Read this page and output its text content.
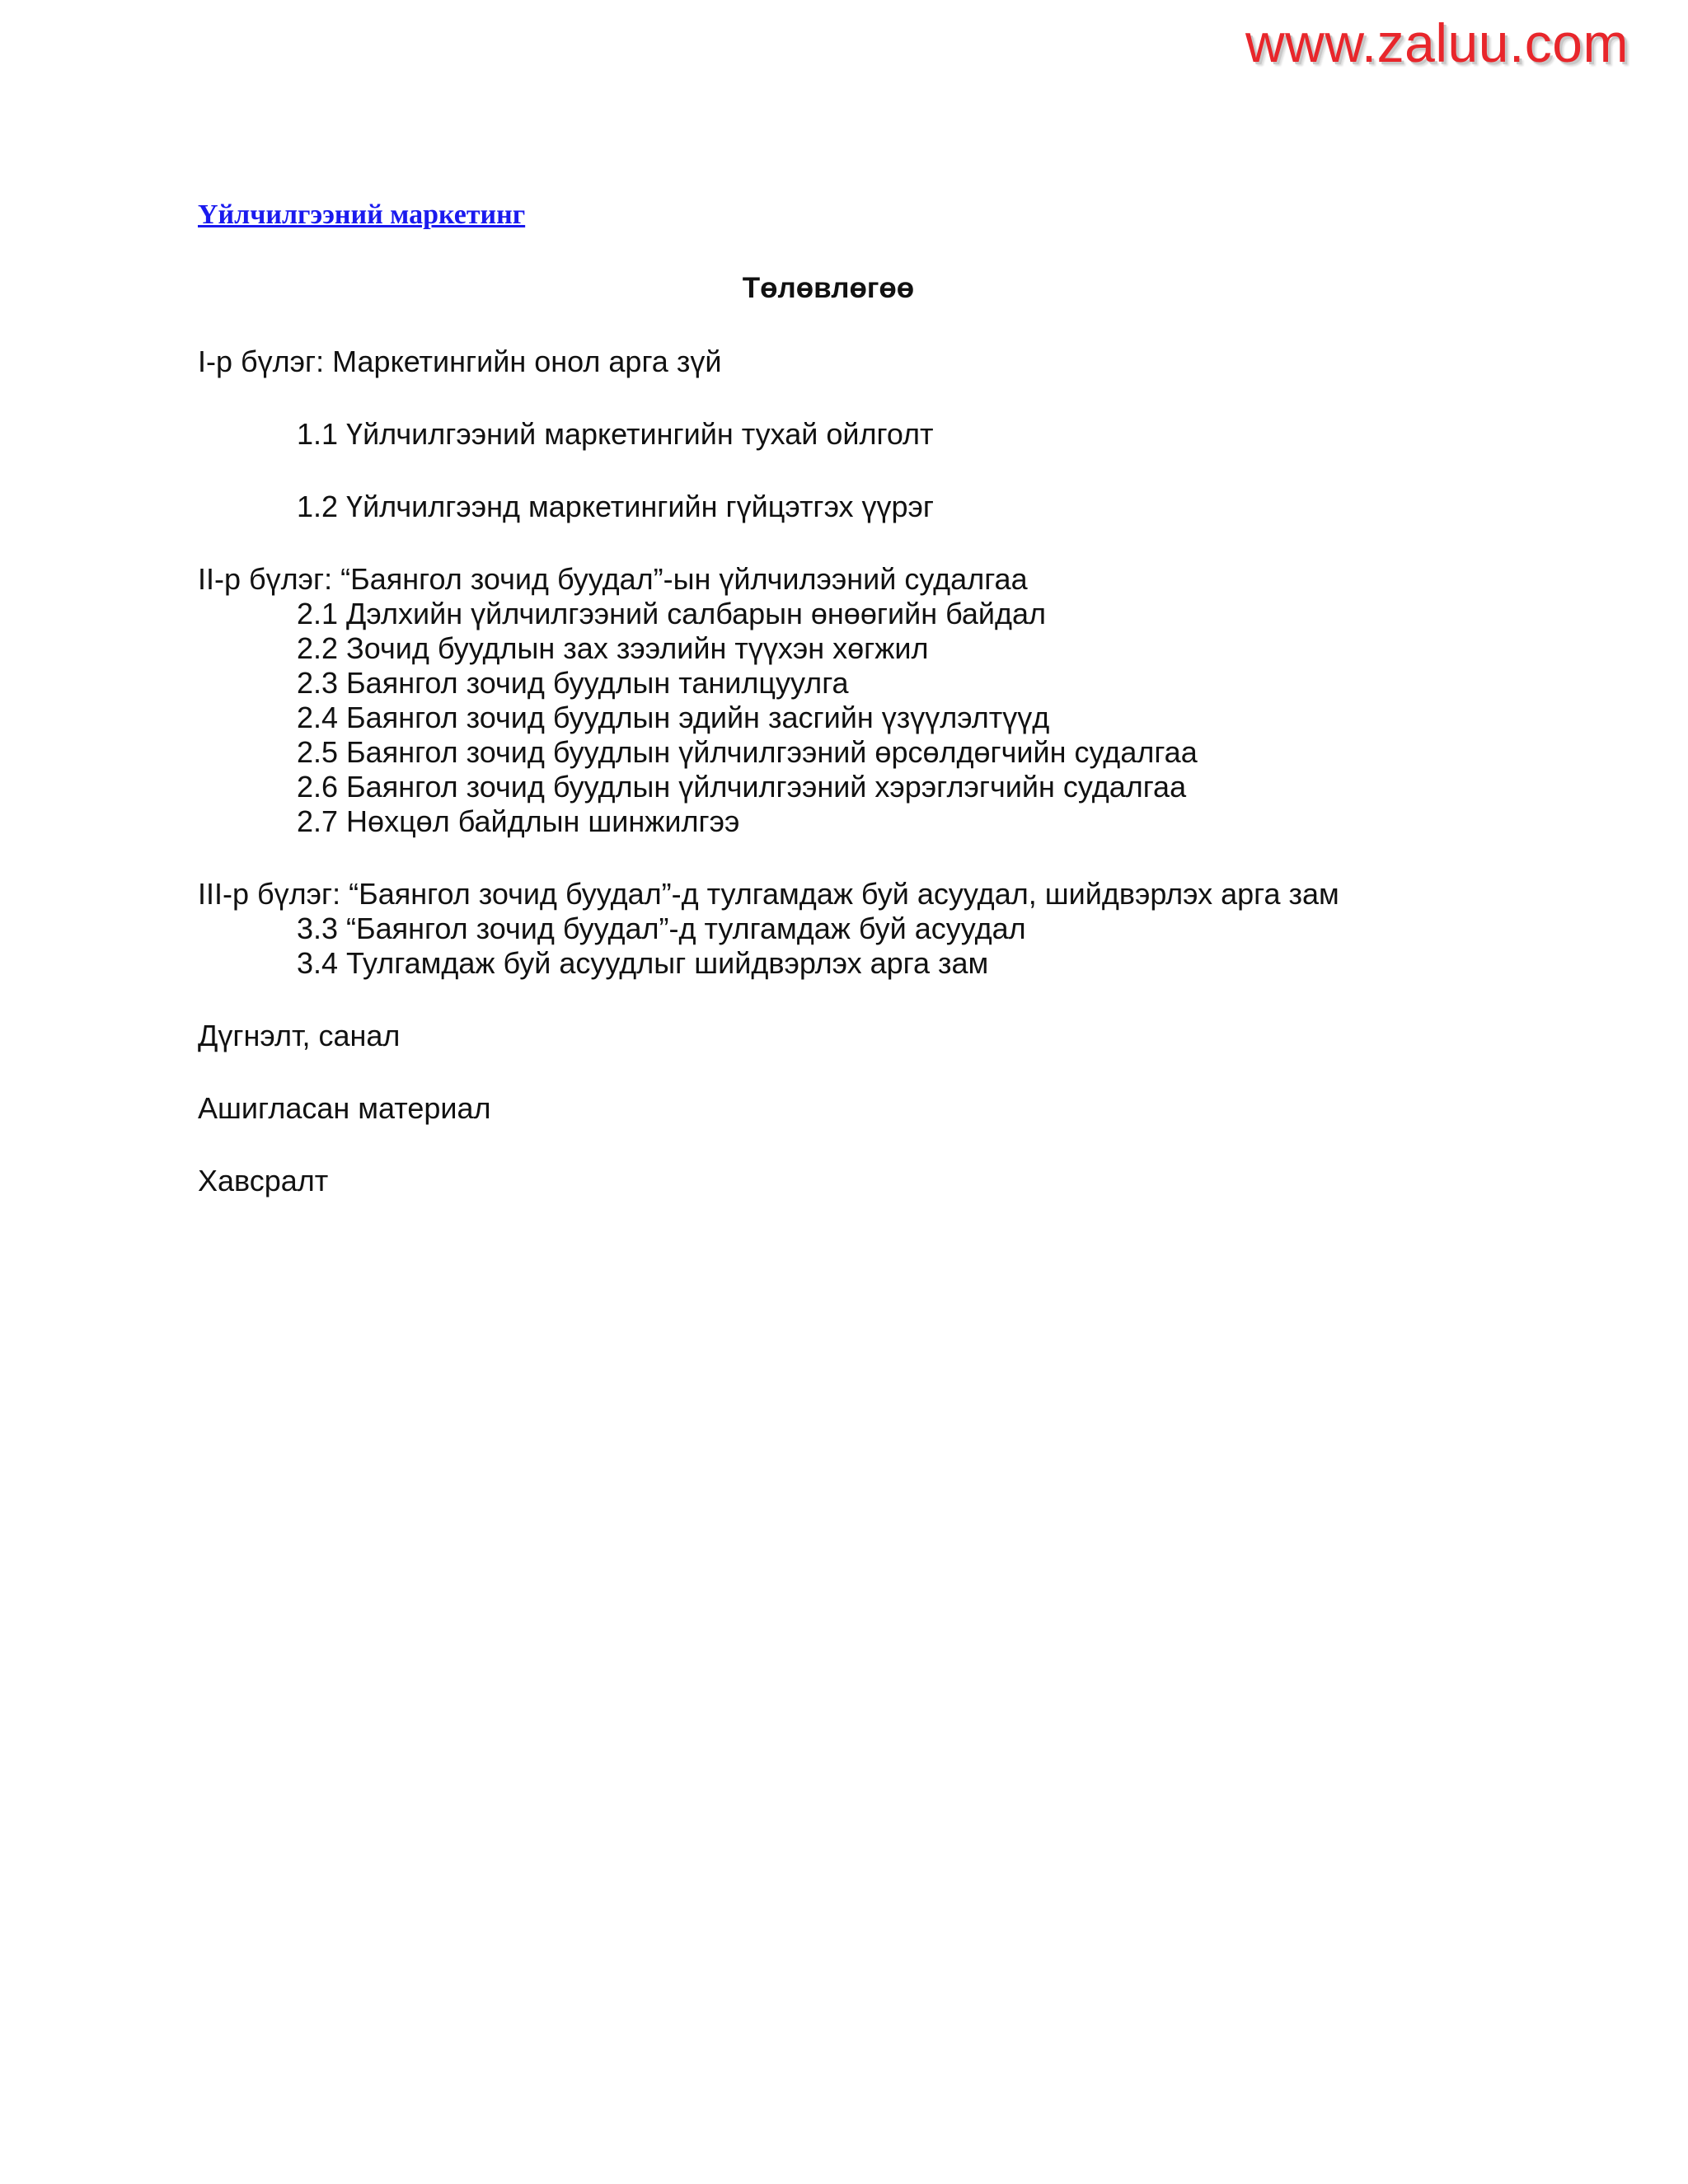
www.zaluu.com
Үйлчилгээний маркетинг
Төлөвлөгөө
I-р бүлэг: Маркетингийн онол арга зүй
1.1 Үйлчилгээний маркетингийн тухай ойлголт
1.2 Үйлчилгээнд маркетингийн гүйцэтгэх үүрэг
II-р бүлэг: “Баянгол зочид буудал”-ын үйлчилээний судалгаа
2.1 Дэлхийн үйлчилгээний салбарын өнөөгийн байдал
2.2 Зочид буудлын зах зээлийн түүхэн хөгжил
2.3 Баянгол зочид буудлын танилцуулга
2.4 Баянгол зочид буудлын эдийн засгийн үзүүлэлтүүд
2.5 Баянгол зочид буудлын үйлчилгээний өрсөлдөгчийн судалгаа
2.6 Баянгол зочид буудлын үйлчилгээний хэрэглэгчийн судалгаа
2.7 Нөхцөл байдлын шинжилгээ
III-р бүлэг: “Баянгол зочид буудал”-д тулгамдаж буй асуудал, шийдвэрлэх арга зам
3.3 “Баянгол зочид буудал”-д тулгамдаж буй асуудал
3.4 Тулгамдаж буй асуудлыг шийдвэрлэх арга зам
Дүгнэлт, санал
Ашигласан материал
Хавсралт
